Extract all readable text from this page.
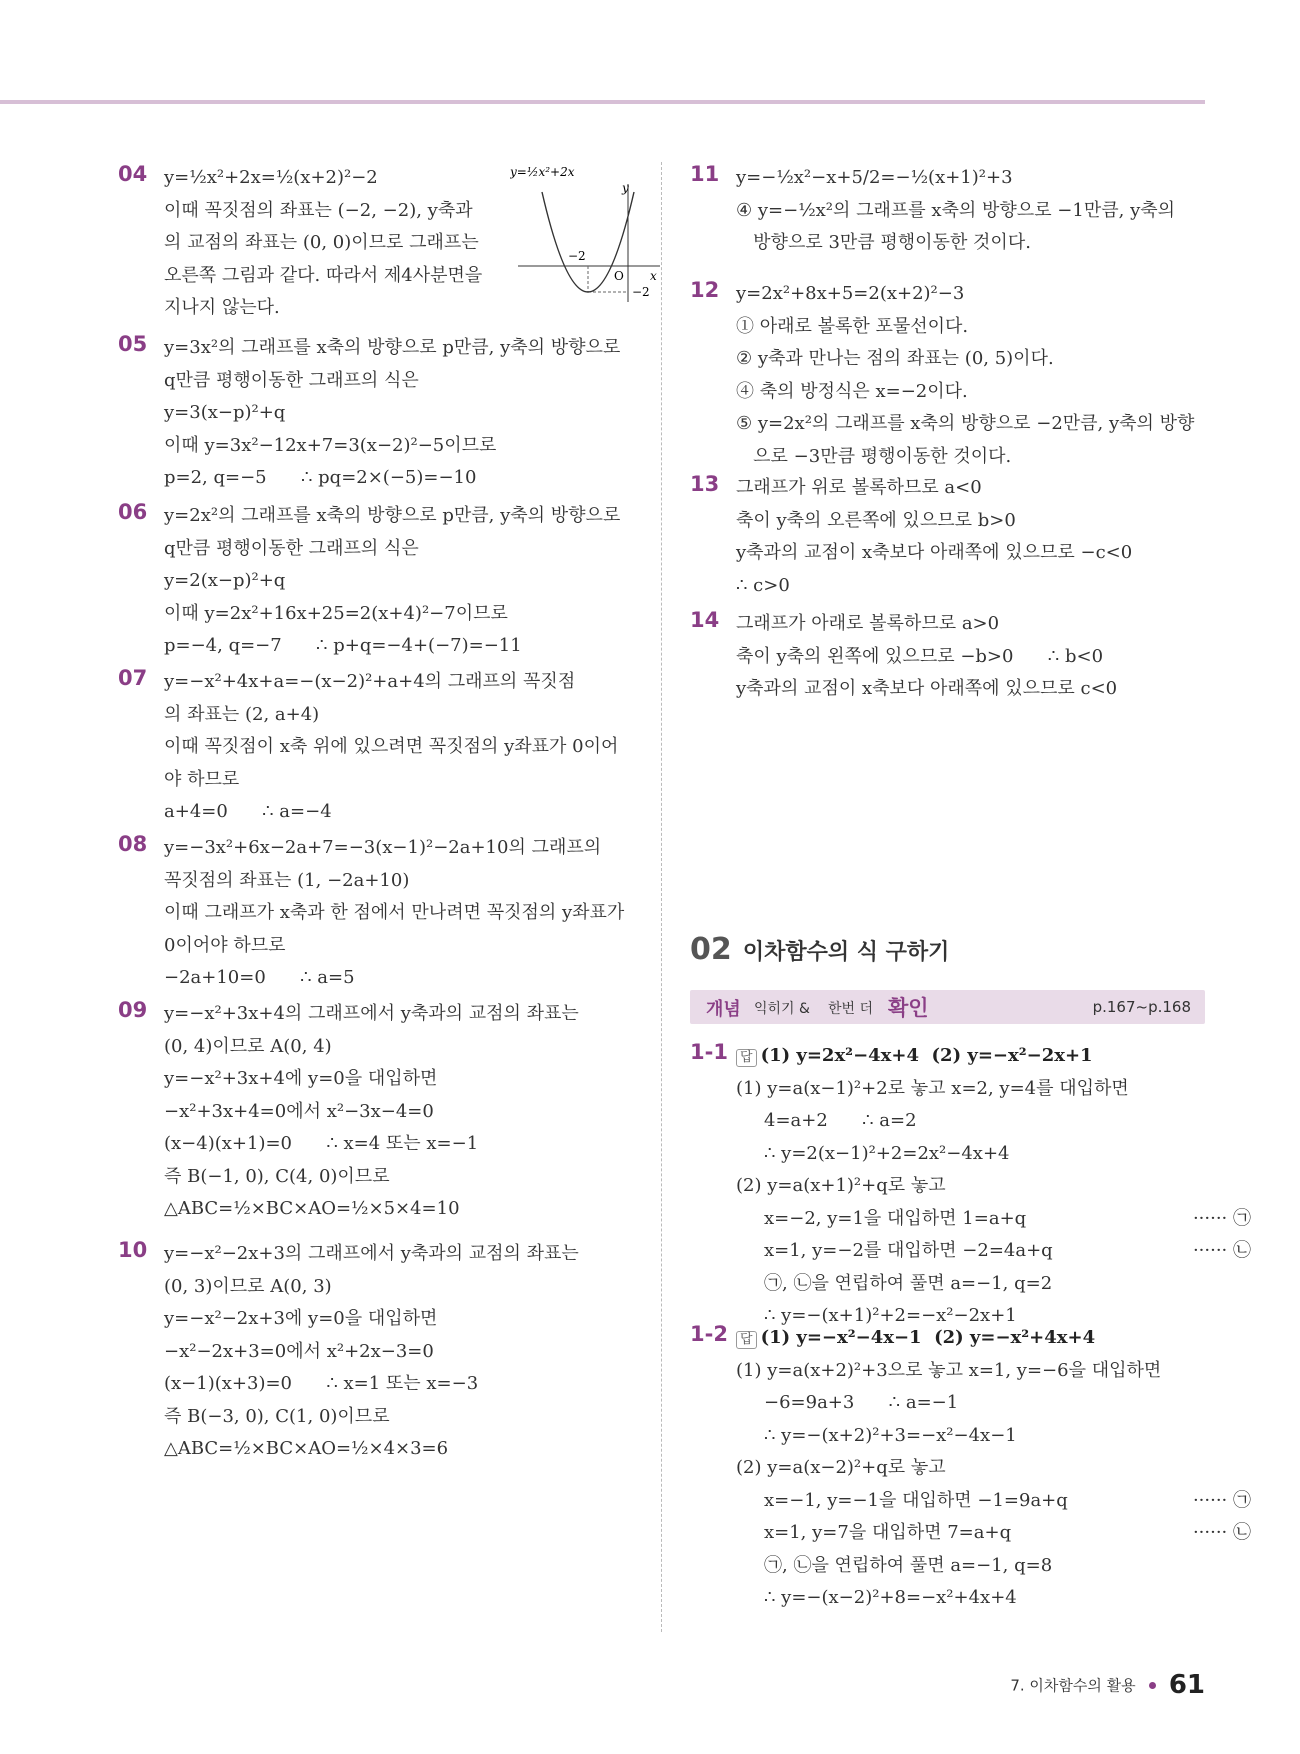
04 y=½x²+2x=½(x+2)²−2
이때 꼭짓점의 좌표는 (−2, −2), y축과
의 교점의 좌표는 (0, 0)이므로 그래프는
오른쪽 그림과 같다. 따라서 제4사분면을
지나지 않는다.
05 y=3x²의 그래프를 x축의 방향으로 p만큼, y축의 방향으로
q만큼 평행이동한 그래프의 식은
y=3(x−p)²+q
이때 y=3x²−12x+7=3(x−2)²−5이므로
p=2, q=−5      ∴ pq=2×(−5)=−10
06 y=2x²의 그래프를 x축의 방향으로 p만큼, y축의 방향으로
q만큼 평행이동한 그래프의 식은
y=2(x−p)²+q
이때 y=2x²+16x+25=2(x+4)²−7이므로
p=−4, q=−7      ∴ p+q=−4+(−7)=−11
07 y=−x²+4x+a=−(x−2)²+a+4의 그래프의 꼭짓점
의 좌표는 (2, a+4)
이때 꼭짓점이 x축 위에 있으려면 꼭짓점의 y좌표가 0이어
야 하므로
a+4=0      ∴ a=−4
08 y=−3x²+6x−2a+7=−3(x−1)²−2a+10의 그래프의
꼭짓점의 좌표는 (1, −2a+10)
이때 그래프가 x축과 한 점에서 만나려면 꼭짓점의 y좌표가
0이어야 하므로
−2a+10=0      ∴ a=5
09 y=−x²+3x+4의 그래프에서 y축과의 교점의 좌표는
(0, 4)이므로 A(0, 4)
y=−x²+3x+4에 y=0을 대입하면
−x²+3x+4=0에서 x²−3x−4=0
(x−4)(x+1)=0      ∴ x=4 또는 x=−1
즉 B(−1, 0), C(4, 0)이므로
△ABC=½×BC×AO=½×5×4=10
10 y=−x²−2x+3의 그래프에서 y축과의 교점의 좌표는
(0, 3)이므로 A(0, 3)
y=−x²−2x+3에 y=0을 대입하면
−x²−2x+3=0에서 x²+2x−3=0
(x−1)(x+3)=0      ∴ x=1 또는 x=−3
즉 B(−3, 0), C(1, 0)이므로
△ABC=½×BC×AO=½×4×3=6
y=½x²+2x
y
x
O
−2
−2
11 y=−½x²−x+5/2=−½(x+1)²+3
④ y=−½x²의 그래프를 x축의 방향으로 −1만큼, y축의
방향으로 3만큼 평행이동한 것이다.
12 y=2x²+8x+5=2(x+2)²−3
① 아래로 볼록한 포물선이다.
② y축과 만나는 점의 좌표는 (0, 5)이다.
④ 축의 방정식은 x=−2이다.
⑤ y=2x²의 그래프를 x축의 방향으로 −2만큼, y축의 방향
으로 −3만큼 평행이동한 것이다.
13 그래프가 위로 볼록하므로 a<0
축이 y축의 오른쪽에 있으므로 b>0
y축과의 교점이 x축보다 아래쪽에 있으므로 −c<0
∴ c>0
14 그래프가 아래로 볼록하므로 a>0
축이 y축의 왼쪽에 있으므로 −b>0      ∴ b<0
y축과의 교점이 x축보다 아래쪽에 있으므로 c<0
02 이차함수의 식 구하기
개념 익히기 & 한번 더 확인	p.167~p.168
1-1 답 (1) y=2x²−4x+4  (2) y=−x²−2x+1
(1) y=a(x−1)²+2로 놓고 x=2, y=4를 대입하면
4=a+2      ∴ a=2
∴ y=2(x−1)²+2=2x²−4x+4
(2) y=a(x+1)²+q로 놓고
x=−2, y=1을 대입하면 1=a+q	······ ㉠
x=1, y=−2를 대입하면 −2=4a+q	······ ㉡
㉠, ㉡을 연립하여 풀면 a=−1, q=2
∴ y=−(x+1)²+2=−x²−2x+1
1-2 답 (1) y=−x²−4x−1  (2) y=−x²+4x+4
(1) y=a(x+2)²+3으로 놓고 x=1, y=−6을 대입하면
−6=9a+3      ∴ a=−1
∴ y=−(x+2)²+3=−x²−4x−1
(2) y=a(x−2)²+q로 놓고
x=−1, y=−1을 대입하면 −1=9a+q	······ ㉠
x=1, y=7을 대입하면 7=a+q	······ ㉡
㉠, ㉡을 연립하여 풀면 a=−1, q=8
∴ y=−(x−2)²+8=−x²+4x+4
7. 이차함수의 활용 61
